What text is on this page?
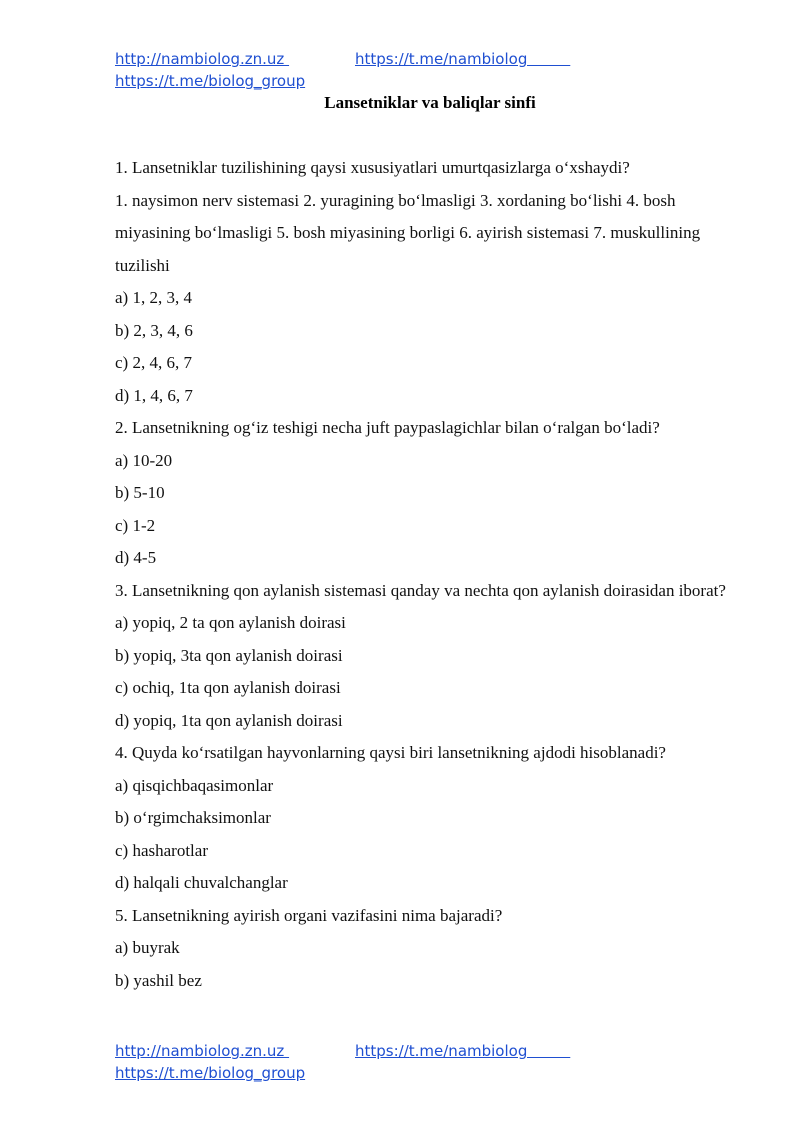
http://nambiolog.zn.uz	https://t.me/nambiolog
https://t.me/biolog_group
Lansetniklar va baliqlar sinfi

1. Lansetniklar tuzilishining qaysi xususiyatlari umurtqasizlarga o‘xshaydi?

1. naysimon nerv sistemasi 2. yuragining bo‘lmasligi 3. xordaning bo‘lishi 4. bosh miyasining bo‘lmasligi 5. bosh miyasining borligi 6. ayirish sistemasi 7. muskullining tuzilishi

a) 1, 2, 3, 4

b) 2, 3, 4, 6

c) 2, 4, 6, 7

d) 1, 4, 6, 7

2. Lansetnikning og‘iz teshigi necha juft paypaslagichlar bilan o‘ralgan bo‘ladi?

a) 10-20

b) 5-10

c) 1-2

d) 4-5

3. Lansetnikning qon aylanish sistemasi qanday va nechta qon aylanish doirasidan iborat?

a) yopiq, 2 ta qon aylanish doirasi

b) yopiq, 3ta qon aylanish doirasi

c) ochiq, 1ta qon aylanish doirasi

d) yopiq, 1ta qon aylanish doirasi

4. Quyda ko‘rsatilgan hayvonlarning qaysi biri lansetnikning ajdodi hisoblanadi?

a) qisqichbaqasimonlar

b) o‘rgimchaksimonlar

c) hasharotlar

d) halqali chuvalchanglar

5. Lansetnikning ayirish organi vazifasini nima bajaradi?

a) buyrak

b) yashil bez

http://nambiolog.zn.uz	https://t.me/nambiolog
https://t.me/biolog_group
